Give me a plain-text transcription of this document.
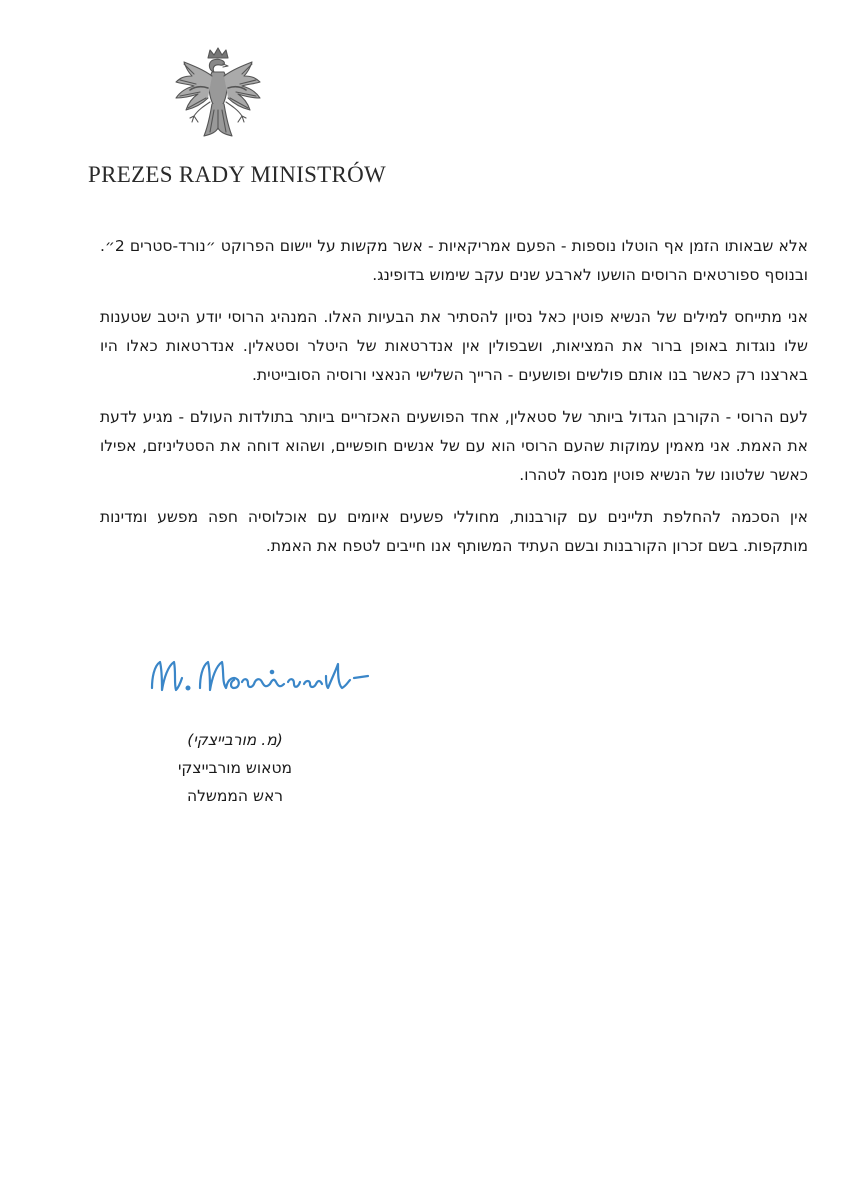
PREZES RADY MINISTRÓW

אלא שבאותו הזמן אף הוטלו נוספות - הפעם אמריקאיות - אשר מקשות על יישום הפרוקט ״נורד-סטרים 2״. ובנוסף ספורטאים הרוסים הושעו לארבע שנים עקב שימוש בדופינג.

אני מתייחס למילים של הנשיא פוטין כאל נסיון להסתיר את הבעיות האלו. המנהיג הרוסי יודע היטב שטענות שלו נוגדות באופן ברור את המציאות, ושבפולין אין אנדרטאות של היטלר וסטאלין. אנדרטאות כאלו היו בארצנו רק כאשר בנו אותם פולשים ופושעים - הרייך השלישי הנאצי ורוסיה הסובייטית.

לעם הרוסי - הקורבן הגדול ביותר של סטאלין, אחד הפושעים האכזריים ביותר בתולדות העולם - מגיע לדעת את האמת. אני מאמין עמוקות שהעם הרוסי הוא עם של אנשים חופשיים, ושהוא דוחה את הסטליניזם, אפילו כאשר שלטונו של הנשיא פוטין מנסה לטהרו.

אין הסכמה להחלפת תליינים עם קורבנות, מחוללי פשעים איומים עם אוכלוסיה חפה מפשע ומדינות מותקפות. בשם זכרון הקורבנות ובשם העתיד המשותף אנו חייבים לטפח את האמת.

(מ. מורבייצקי)
מטאוש מורבייצקי
ראש הממשלה
